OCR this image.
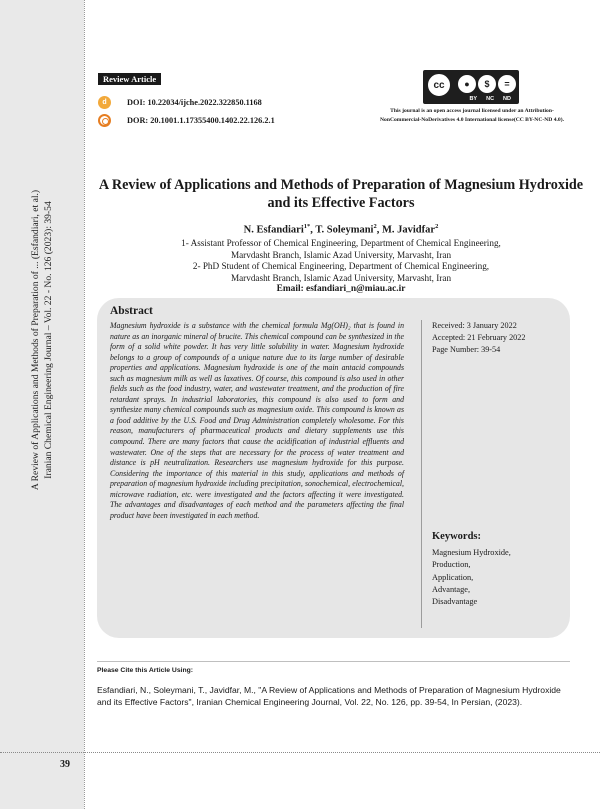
A Review of Applications and Methods of Preparation of ... (Esfandiari, et al.) Iranian Chemical Engineering Journal – Vol. 22 - No. 126 (2023): 39-54
Review Article
d	DOI: 10.22034/ijche.2022.322850.1168
DOR: 20.1001.1.17355400.1402.22.126.2.1
cc	●	$	=
BY NC ND
This journal is an open access journal licensed under an Attribution-NonCommercial-NoDerivatives 4.0 International license(CC BY-NC-ND 4.0).
A Review of Applications and Methods of Preparation of Magnesium Hydroxide and its Effective Factors
N. Esfandiari$^{1*}$, T. Soleymani$^2$, M. Javidfar$^2$
1- Assistant Professor of Chemical Engineering, Department of Chemical Engineering,
Marvdasht Branch, Islamic Azad University, Marvasht, Iran
Email: esfandiari_n@miau.ac.ir
Abstract
Magnesium hydroxide is a substance with the chemical formula Mg(OH)₂ that is found in nature as an inorganic mineral of brucite. This chemical compound can be synthesized in the form of a solid white powder. It has very little solubility in water. Magnesium hydroxide belongs to a group of compounds of a unique nature due to its large number of desirable properties and applications. Magnesium hydroxide is one of the main antacid compounds such as magnesium milk as well as laxatives. Of course, this compound is also used in other fields such as the food industry, water, and wastewater treatment, and the production of fire retardant sprays. In industrial laboratories, this compound is also used to form and synthesize many chemical compounds such as magnesium oxide. This compound is known as a food additive by the U.S. Food and Drug Administration completely wholesome. For this reason, manufacturers of pharmaceutical products and dietary supplements use this compound. There are many factors that cause the acidification of industrial effluents and wastewater. One of the steps that are necessary for the process of water treatment and distance is pH neutralization. Researchers use magnesium hydroxide for this purpose. Considering the importance of this material in this study, applications and methods of preparation of magnesium hydroxide including precipitation, sonochemical, electrochemical, microwave radiation, etc. were investigated and the factors affecting it were investigated. The advantages and disadvantages of each method and the parameters affecting the final product have been investigated in each method.
Received: 3 January 2022
Accepted: 21 February 2022
Page Number: 39-54
Keywords:
Magnesium Hydroxide,
Production,
Application,
Advantage,
Disadvantage
Please Cite this Article Using:
Esfandiari, N., Soleymani, T., Javidfar, M., "A Review of Applications and Methods of Preparation of Magnesium Hydroxide and its Effective Factors", Iranian Chemical Engineering Journal, Vol. 22, No. 126, pp. 39-54, In Persian, (2023).
39
2- PhD Student of Chemical Engineering, Department of Chemical Engineering,
Marvdasht Branch, Islamic Azad University, Marvasht, Iran
